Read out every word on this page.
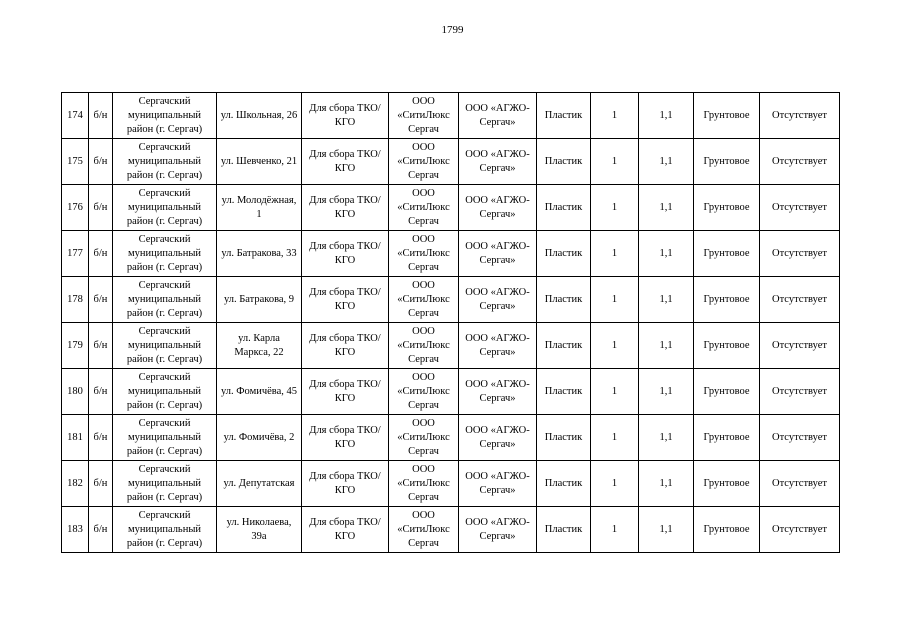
1799
174	б/н	Сергачский муниципальный район (г. Сергач)	ул. Школьная, 26	Для сбора ТКО/КГО	ООО «СитиЛюкс Сергач	ООО «АГЖО-Сергач»	Пластик	1	1,1	Грунтовое	Отсутствует
175	б/н	Сергачский муниципальный район (г. Сергач)	ул. Шевченко, 21	Для сбора ТКО/КГО	ООО «СитиЛюкс Сергач	ООО «АГЖО-Сергач»	Пластик	1	1,1	Грунтовое	Отсутствует
176	б/н	Сергачский муниципальный район (г. Сергач)	ул. Молодёжная, 1	Для сбора ТКО/КГО	ООО «СитиЛюкс Сергач	ООО «АГЖО-Сергач»	Пластик	1	1,1	Грунтовое	Отсутствует
177	б/н	Сергачский муниципальный район (г. Сергач)	ул. Батракова, 33	Для сбора ТКО/КГО	ООО «СитиЛюкс Сергач	ООО «АГЖО-Сергач»	Пластик	1	1,1	Грунтовое	Отсутствует
178	б/н	Сергачский муниципальный район (г. Сергач)	ул. Батракова, 9	Для сбора ТКО/КГО	ООО «СитиЛюкс Сергач	ООО «АГЖО-Сергач»	Пластик	1	1,1	Грунтовое	Отсутствует
179	б/н	Сергачский муниципальный район (г. Сергач)	ул. Карла Маркса, 22	Для сбора ТКО/КГО	ООО «СитиЛюкс Сергач	ООО «АГЖО-Сергач»	Пластик	1	1,1	Грунтовое	Отсутствует
180	б/н	Сергачский муниципальный район (г. Сергач)	ул. Фомичёва, 45	Для сбора ТКО/КГО	ООО «СитиЛюкс Сергач	ООО «АГЖО-Сергач»	Пластик	1	1,1	Грунтовое	Отсутствует
181	б/н	Сергачский муниципальный район (г. Сергач)	ул. Фомичёва, 2	Для сбора ТКО/КГО	ООО «СитиЛюкс Сергач	ООО «АГЖО-Сергач»	Пластик	1	1,1	Грунтовое	Отсутствует
182	б/н	Сергачский муниципальный район (г. Сергач)	ул. Депутатская	Для сбора ТКО/КГО	ООО «СитиЛюкс Сергач	ООО «АГЖО-Сергач»	Пластик	1	1,1	Грунтовое	Отсутствует
183	б/н	Сергачский муниципальный район (г. Сергач)	ул. Николаева, 39а	Для сбора ТКО/КГО	ООО «СитиЛюкс Сергач	ООО «АГЖО-Сергач»	Пластик	1	1,1	Грунтовое	Отсутствует
